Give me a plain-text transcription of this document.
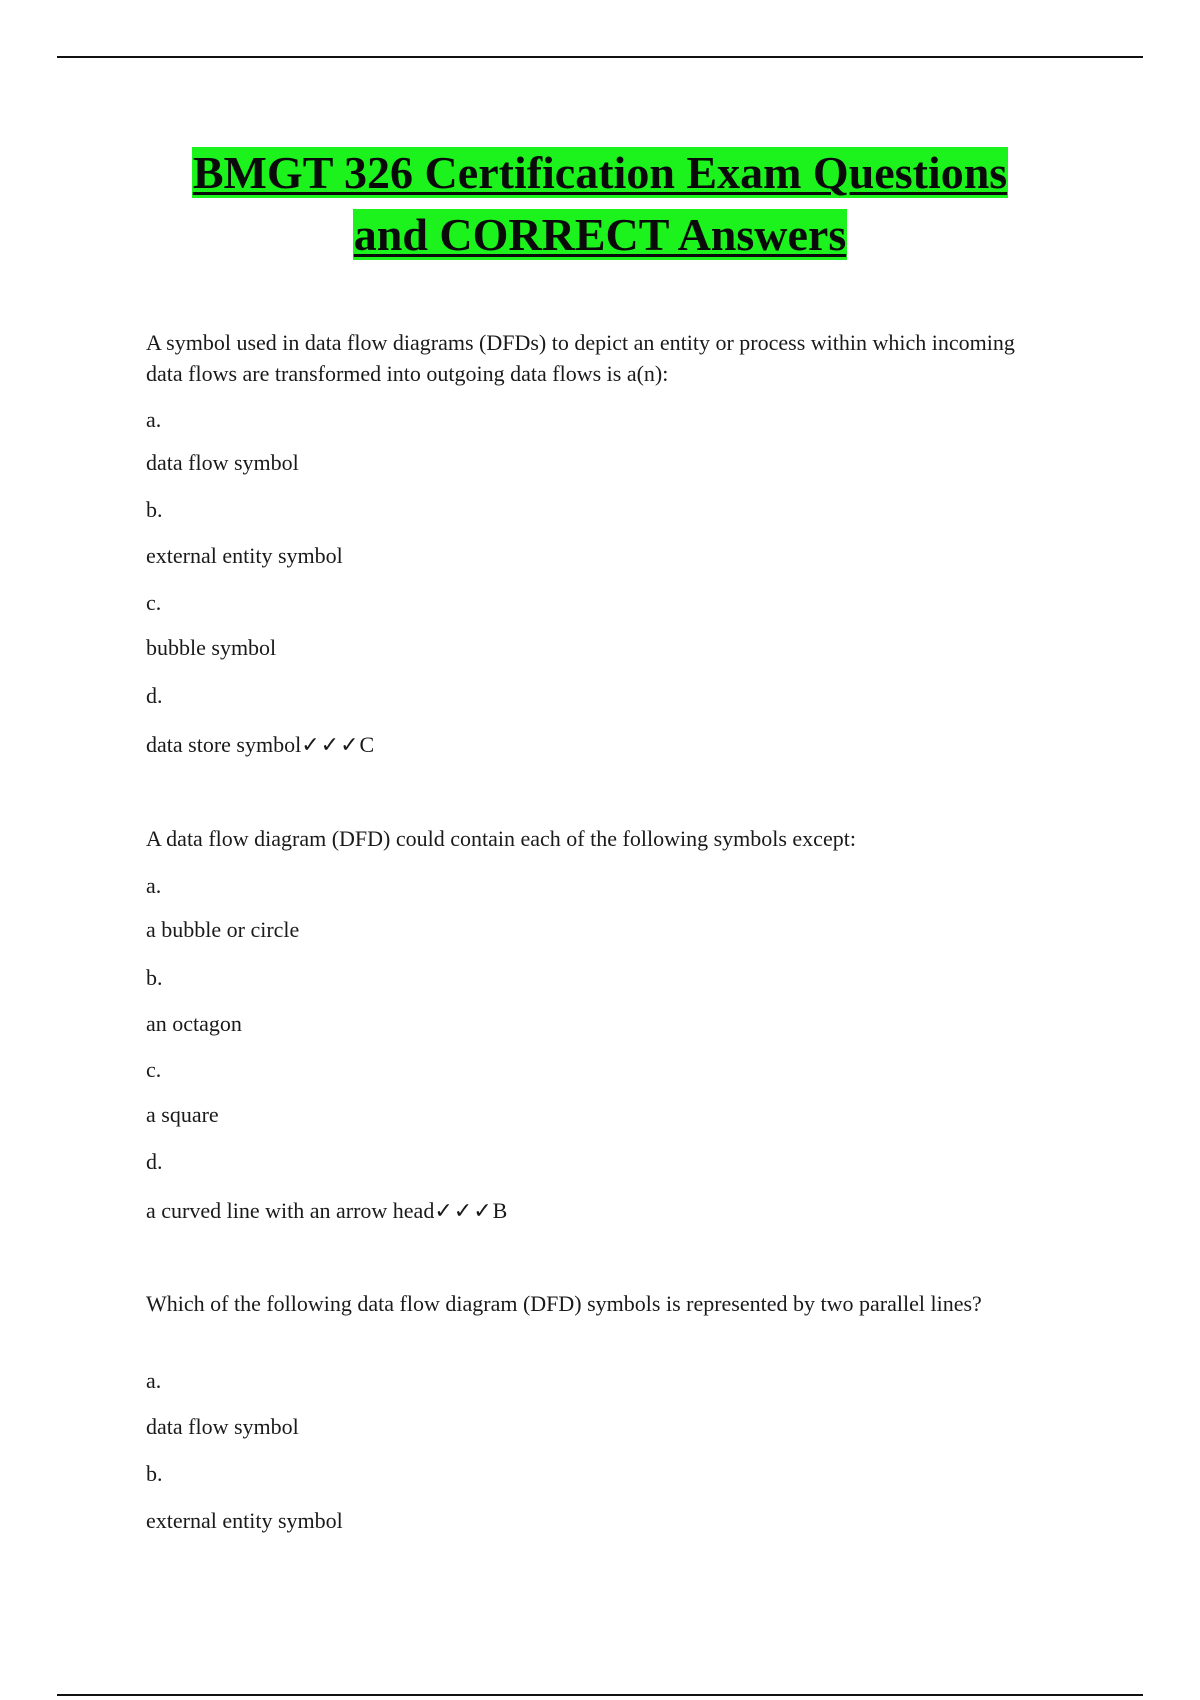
BMGT 326 Certification Exam Questions
and CORRECT Answers
A symbol used in data flow diagrams (DFDs) to depict an entity or process within which incoming data flows are transformed into outgoing data flows is a(n):
a.
data flow symbol
b.
external entity symbol
c.
bubble symbol
d.
data store symbol✓✓✓C
A data flow diagram (DFD) could contain each of the following symbols except:
a.
a bubble or circle
b.
an octagon
c.
a square
d.
a curved line with an arrow head✓✓✓B
Which of the following data flow diagram (DFD) symbols is represented by two parallel lines?
a.
data flow symbol
b.
external entity symbol
